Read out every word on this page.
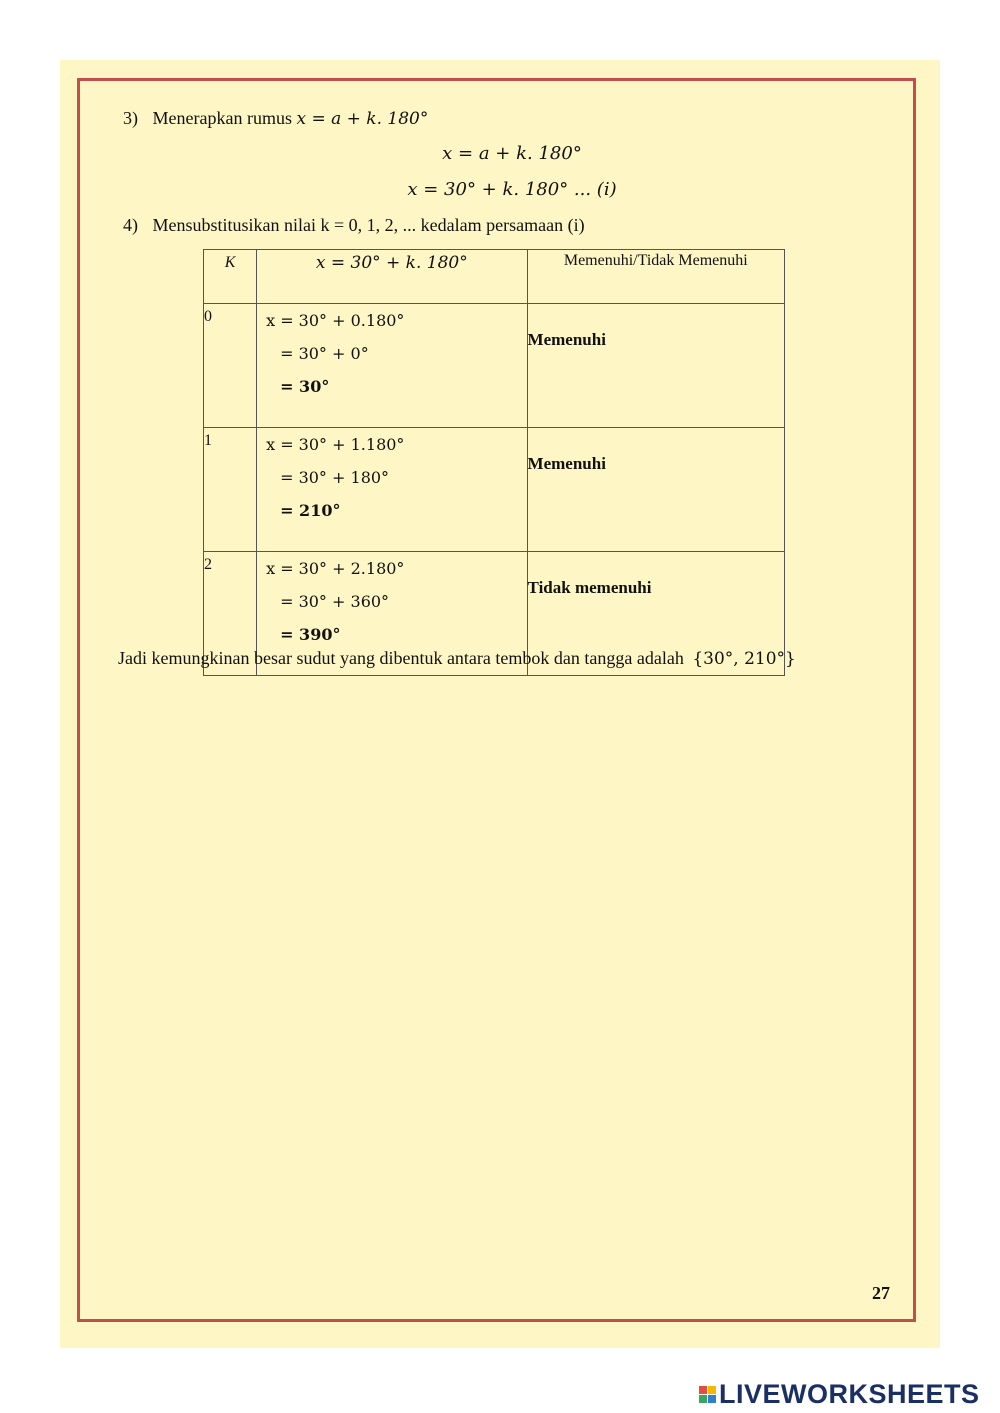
3) Menerapkan rumus x = a + k. 180°
x = a + k. 180°
x = 30° + k. 180° ... (i)
4) Mensubstitusikan nilai k = 0, 1, 2, ... kedalam persamaan (i)
K	x = 30° + k. 180°	Memenuhi/Tidak Memenuhi
0	x = 30° + 0.180°
= 30° + 0°
= 30°	Memenuhi
1	x = 30° + 1.180°
= 30° + 180°
= 210°	Memenuhi
2	x = 30° + 2.180°
= 30° + 360°
= 390°	Tidak memenuhi
Jadi kemungkinan besar sudut yang dibentuk antara tembok dan tangga adalah {30°, 210°}
27
LIVEWORKSHEETS
